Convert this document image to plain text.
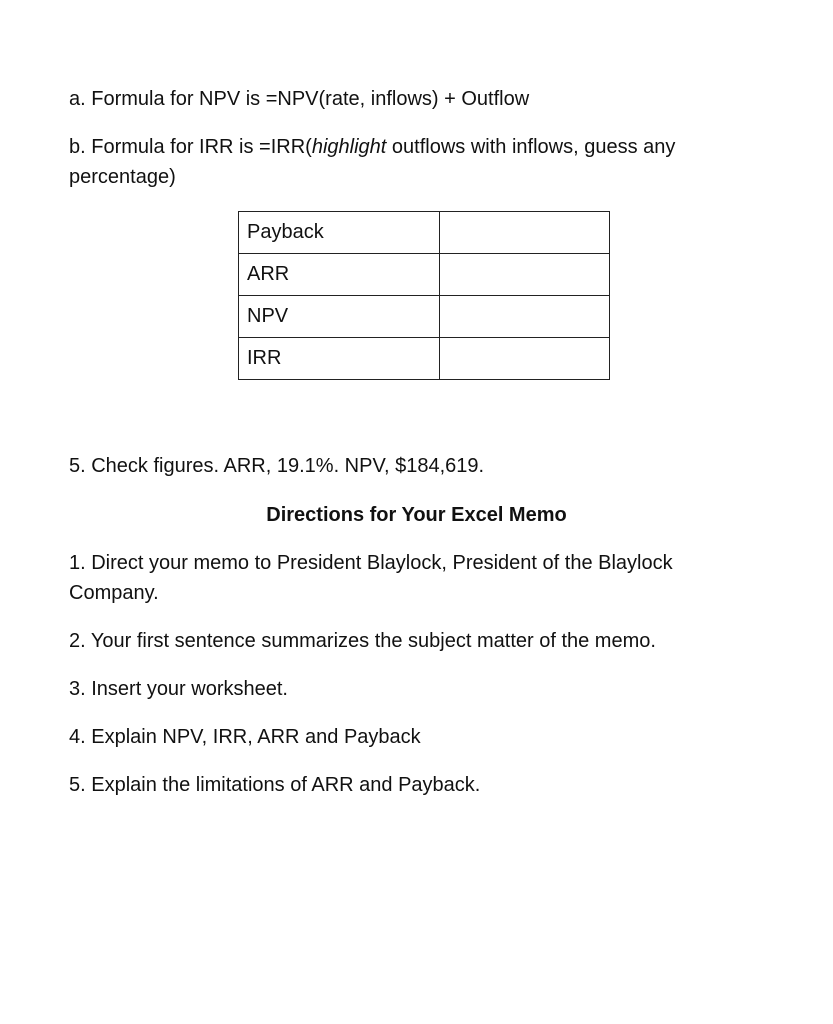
a. Formula for NPV is =NPV(rate, inflows) + Outflow
b. Formula for IRR is =IRR(highlight outflows with inflows, guess any percentage)
Payback	
ARR	
NPV	
IRR	
5. Check figures. ARR, 19.1%. NPV, $184,619.
Directions for Your Excel Memo
1. Direct your memo to President Blaylock, President of the Blaylock Company.
2. Your first sentence summarizes the subject matter of the memo.
3. Insert your worksheet.
4. Explain NPV, IRR, ARR and Payback
5. Explain the limitations of ARR and Payback.
